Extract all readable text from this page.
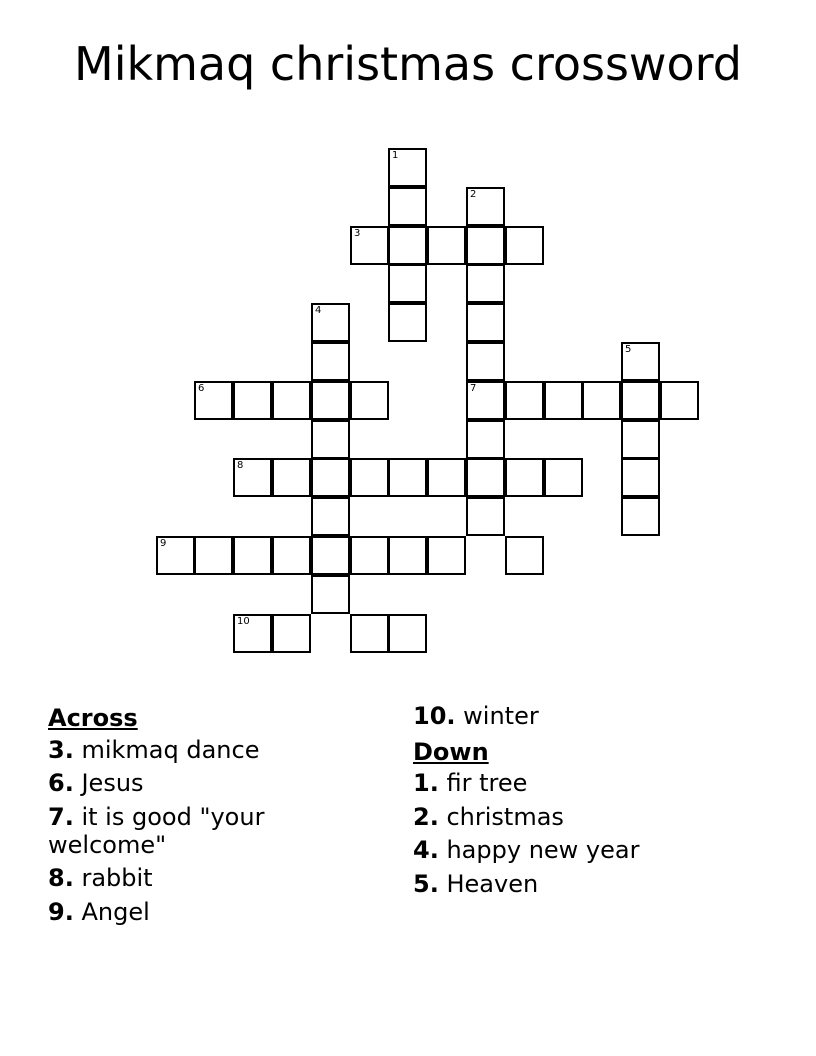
Mikmaq christmas crossword
1
2
3
4
5
6	7
8
9
10
Across
3. mikmaq dance
6. Jesus
7. it is good "your welcome"
8. rabbit
9. Angel
10. winter
Down
1. fir tree
2. christmas
4. happy new year
5. Heaven
